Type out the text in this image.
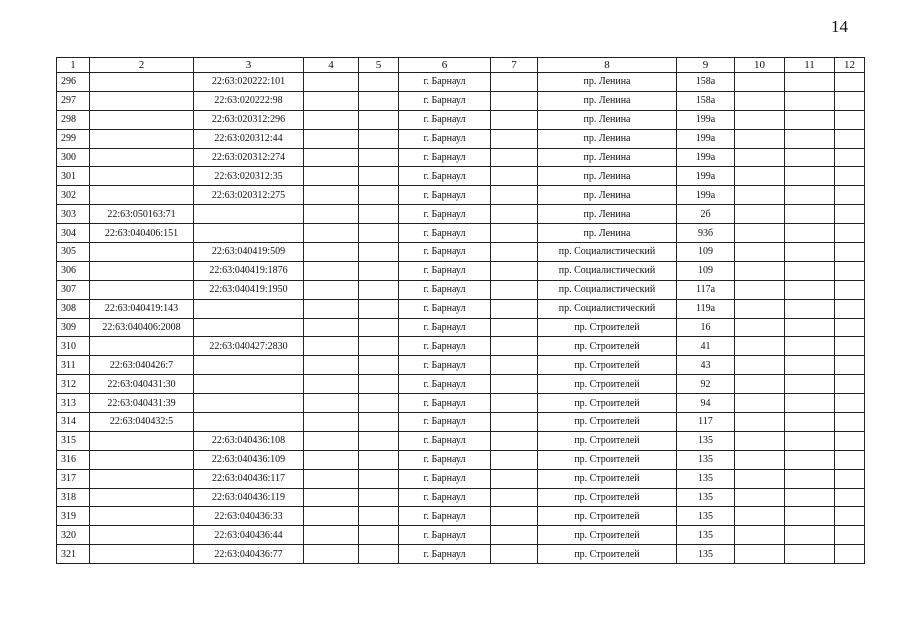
14
1	2	3	4	5	6	7	8	9	10	11	12
296		22:63:020222:101			г. Барнаул		пр. Ленина	158а			
297		22:63:020222:98			г. Барнаул		пр. Ленина	158а			
298		22:63:020312:296			г. Барнаул		пр. Ленина	199а			
299		22:63:020312:44			г. Барнаул		пр. Ленина	199а			
300		22:63:020312:274			г. Барнаул		пр. Ленина	199а			
301		22:63:020312:35			г. Барнаул		пр. Ленина	199а			
302		22:63:020312:275			г. Барнаул		пр. Ленина	199а			
303	22:63:050163:71				г. Барнаул		пр. Ленина	2б			
304	22:63:040406:151				г. Барнаул		пр. Ленина	93б			
305		22:63:040419:509			г. Барнаул		пр. Социалистический	109			
306		22:63:040419:1876			г. Барнаул		пр. Социалистический	109			
307		22:63:040419:1950			г. Барнаул		пр. Социалистический	117а			
308	22:63:040419:143				г. Барнаул		пр. Социалистический	119а			
309	22:63:040406:2008				г. Барнаул		пр. Строителей	16			
310		22:63:040427:2830			г. Барнаул		пр. Строителей	41			
311	22:63:040426:7				г. Барнаул		пр. Строителей	43			
312	22:63:040431:30				г. Барнаул		пр. Строителей	92			
313	22:63:040431:39				г. Барнаул		пр. Строителей	94			
314	22:63:040432:5				г. Барнаул		пр. Строителей	117			
315		22:63:040436:108			г. Барнаул		пр. Строителей	135			
316		22:63:040436:109			г. Барнаул		пр. Строителей	135			
317		22:63:040436:117			г. Барнаул		пр. Строителей	135			
318		22:63:040436:119			г. Барнаул		пр. Строителей	135			
319		22:63:040436:33			г. Барнаул		пр. Строителей	135			
320		22:63:040436:44			г. Барнаул		пр. Строителей	135			
321		22:63:040436:77			г. Барнаул		пр. Строителей	135			
